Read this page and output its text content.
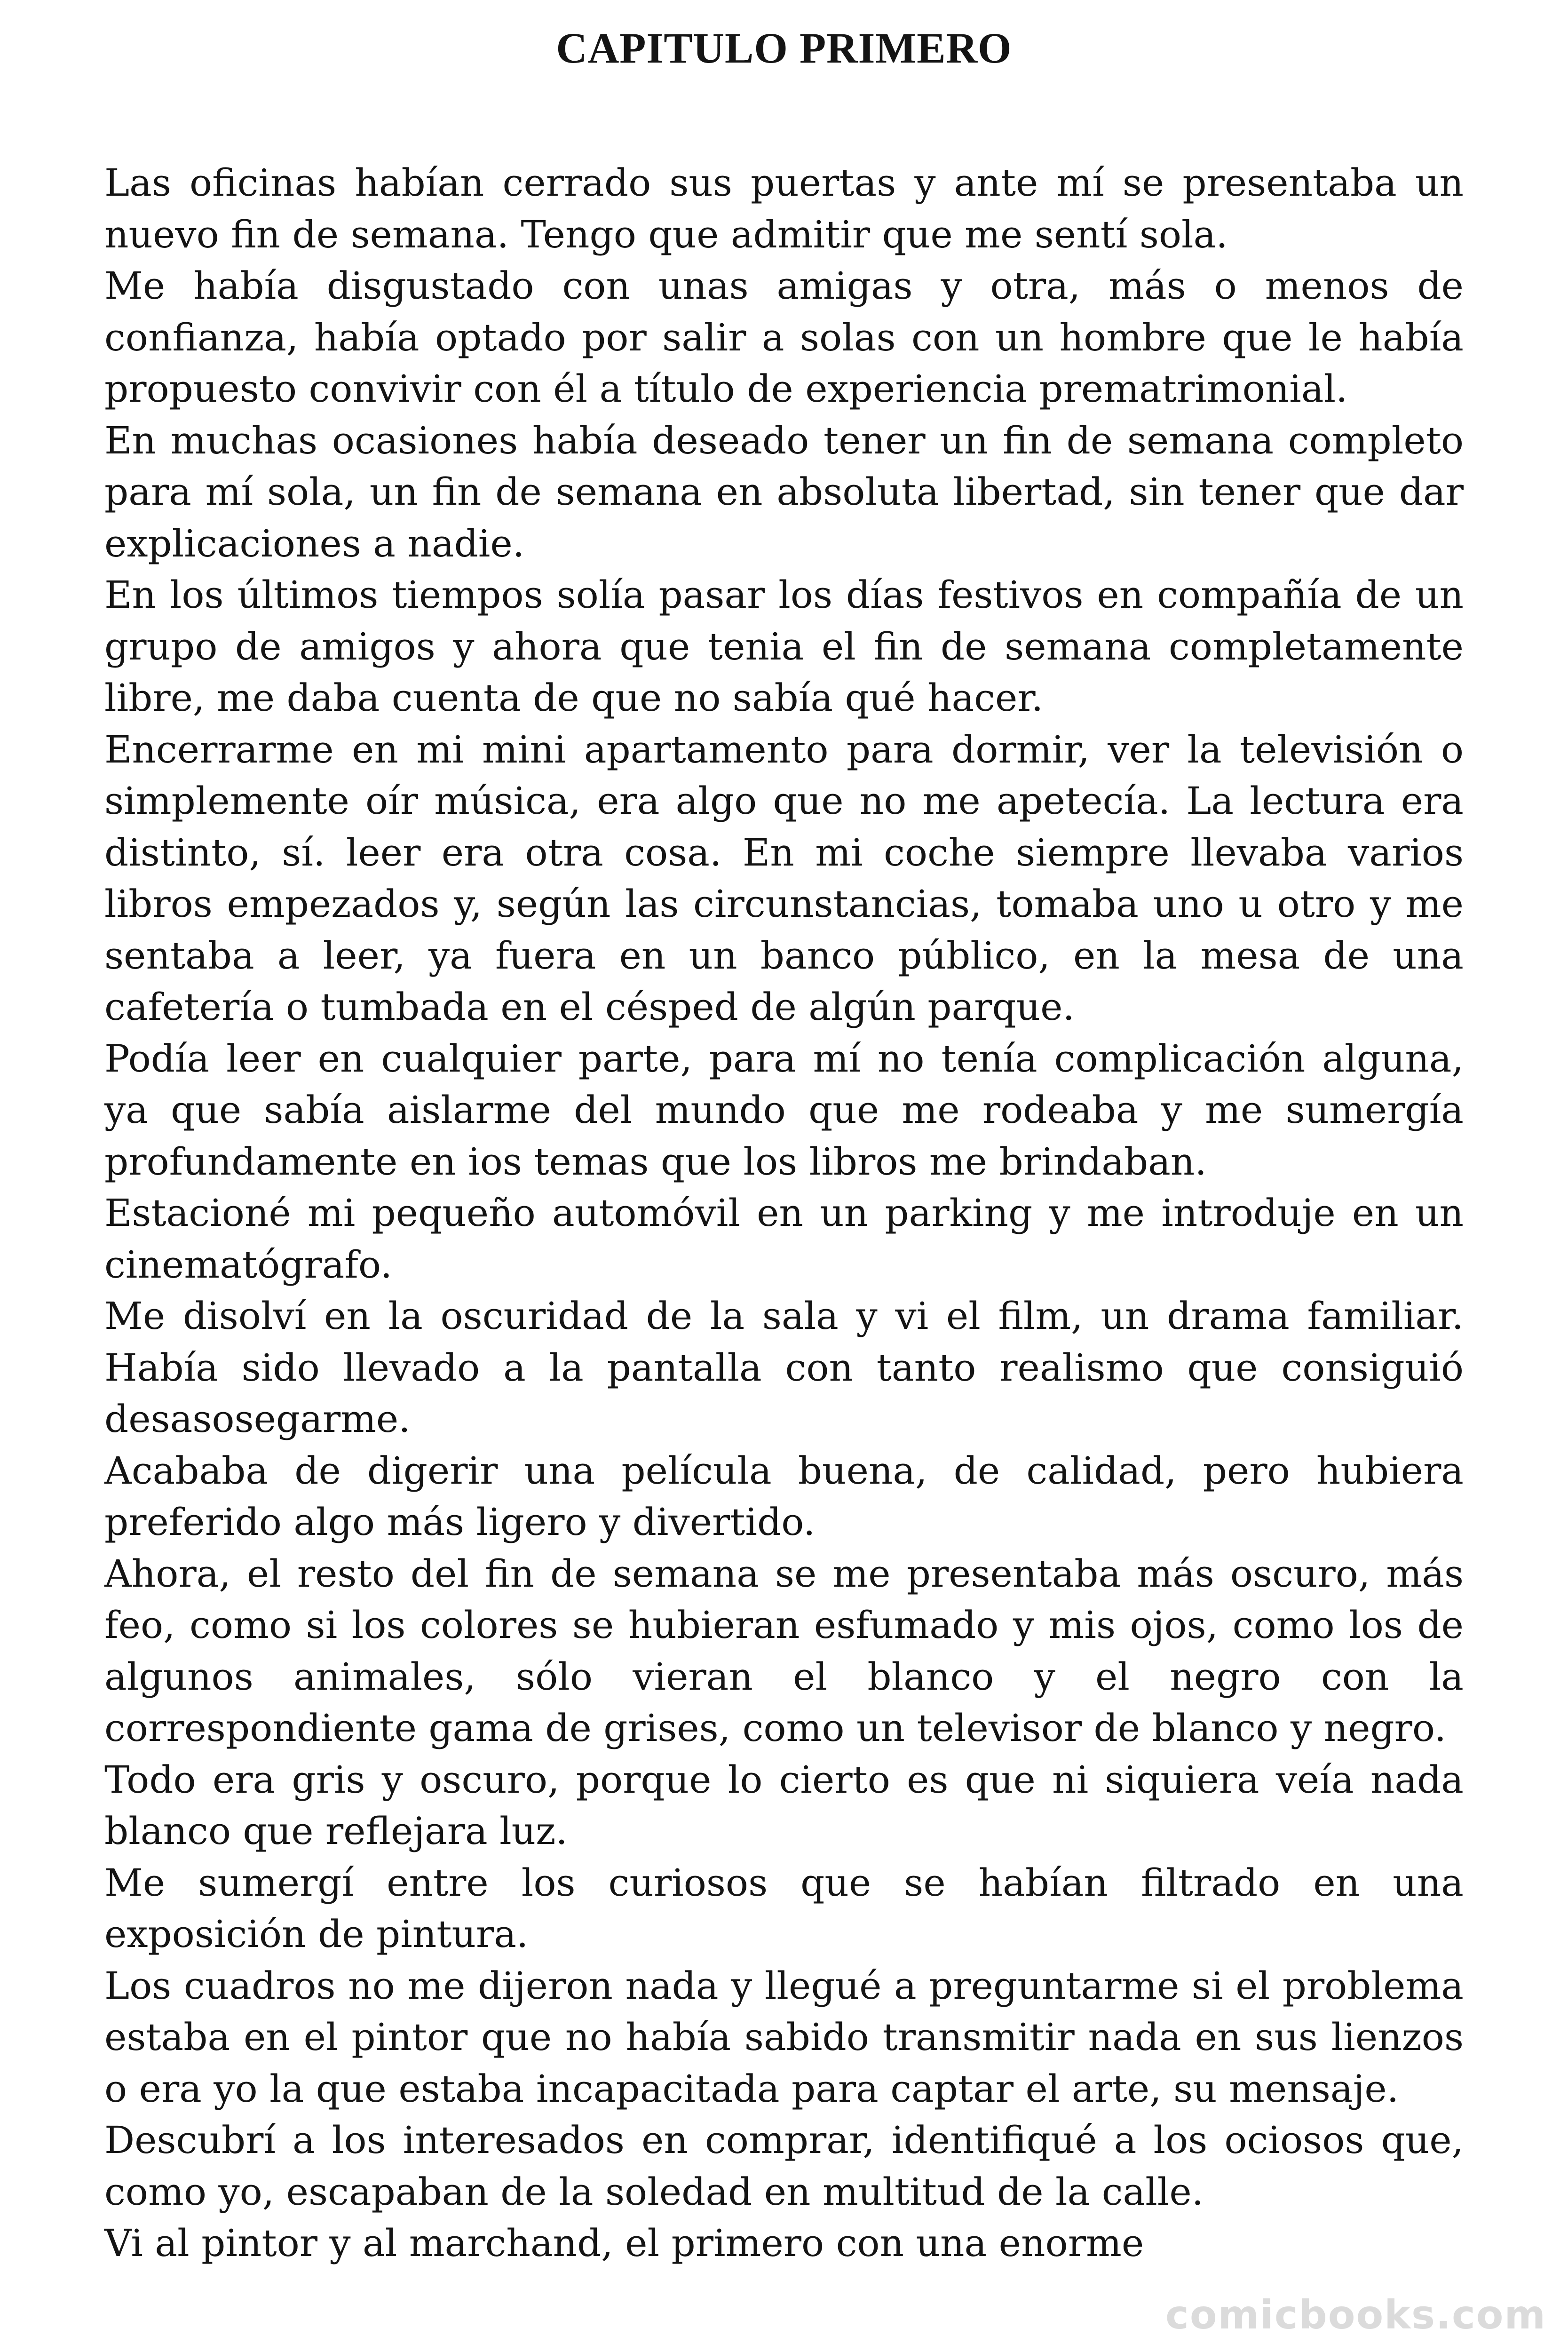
CAPITULO PRIMERO

Las oficinas habían cerrado sus puertas y ante mí se presentaba un nuevo fin de semana. Tengo que admitir que me sentí sola.

Me había disgustado con unas amigas y otra, más o menos de confianza, había optado por salir a solas con un hombre que le había propuesto convivir con él a título de experiencia prematrimonial.

En muchas ocasiones había deseado tener un fin de semana completo para mí sola, un fin de semana en absoluta libertad, sin tener que dar explicaciones a nadie.

En los últimos tiempos solía pasar los días festivos en compañía de un grupo de amigos y ahora que tenia el fin de semana completamente libre, me daba cuenta de que no sabía qué hacer.

Encerrarme en mi mini apartamento para dormir, ver la televisión o simplemente oír música, era algo que no me apetecía. La lectura era distinto, sí. leer era otra cosa. En mi coche siempre llevaba varios libros empezados y, según las circunstancias, tomaba uno u otro y me sentaba a leer, ya fuera en un banco público, en la mesa de una cafetería o tumbada en el césped de algún parque.

Podía leer en cualquier parte, para mí no tenía complicación alguna, ya que sabía aislarme del mundo que me rodeaba y me sumergía profundamente en ios temas que los libros me brindaban.

Estacioné mi pequeño automóvil en un parking y me introduje en un cinematógrafo.

Me disolví en la oscuridad de la sala y vi el film, un drama familiar. Había sido llevado a la pantalla con tanto realismo que consiguió desasosegarme.

Acababa de digerir una película buena, de calidad, pero hubiera preferido algo más ligero y divertido.

Ahora, el resto del fin de semana se me presentaba más oscuro, más feo, como si los colores se hubieran esfumado y mis ojos, como los de algunos animales, sólo vieran el blanco y el negro con la correspondiente gama de grises, como un televisor de blanco y negro.

Todo era gris y oscuro, porque lo cierto es que ni siquiera veía nada blanco que reflejara luz.

Me sumergí entre los curiosos que se habían filtrado en una exposición de pintura.

Los cuadros no me dijeron nada y llegué a preguntarme si el problema estaba en el pintor que no había sabido transmitir nada en sus lienzos o era yo la que estaba incapacitada para captar el arte, su mensaje.

Descubrí a los interesados en comprar, identifiqué a los ociosos que, como yo, escapaban de la soledad en multitud de la calle.

Vi al pintor y al marchand, el primero con una enorme

comicbooks.com
